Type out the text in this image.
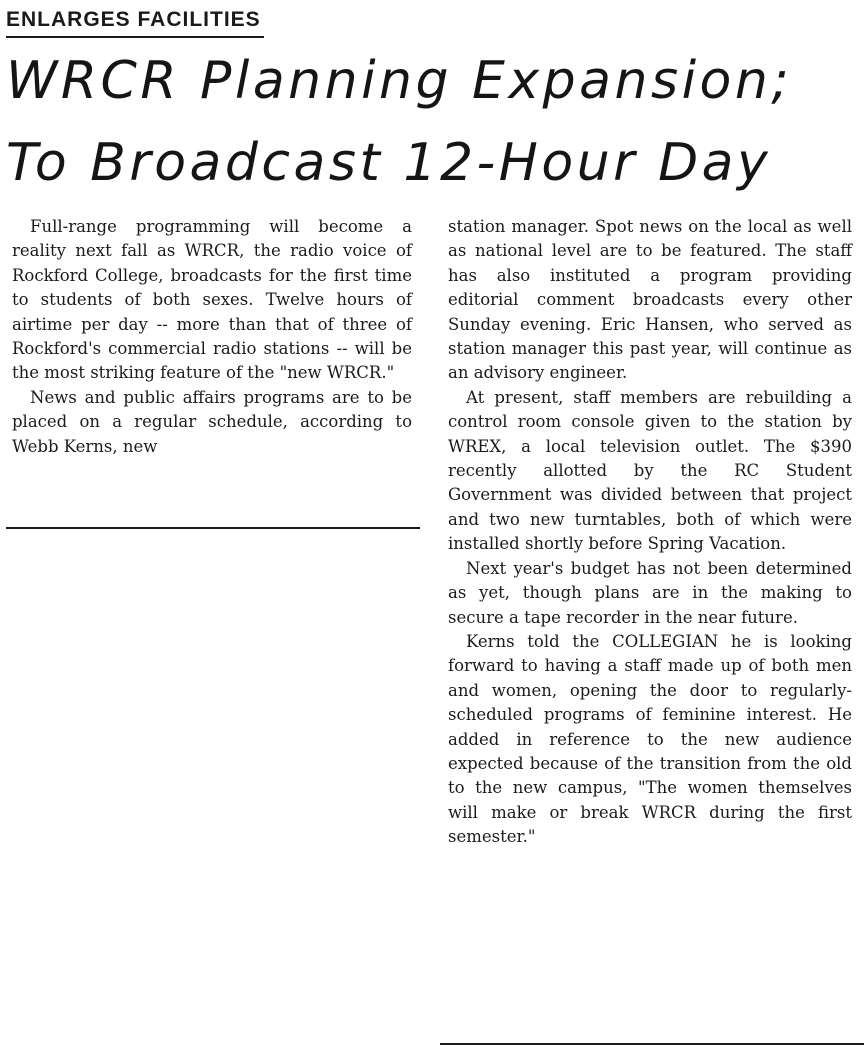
ENLARGES FACILITIES
WRCR Planning Expansion;
To Broadcast 12-Hour Day

Full-range programming will become a reality next fall as WRCR, the radio voice of Rockford College, broadcasts for the first time to students of both sexes. Twelve hours of airtime per day -- more than that of three of Rockford's commercial radio stations -- will be the most striking feature of the "new WRCR."

News and public affairs programs are to be placed on a regular schedule, according to Webb Kerns, new

station manager. Spot news on the local as well as national level are to be featured. The staff has also instituted a program providing editorial comment broadcasts every other Sunday evening. Eric Hansen, who served as station manager this past year, will continue as an advisory engineer.

At present, staff members are rebuilding a control room console given to the station by WREX, a local television outlet. The $390 recently allotted by the RC Student Government was divided between that project and two new turntables, both of which were installed shortly before Spring Vacation.

Next year's budget has not been determined as yet, though plans are in the making to secure a tape recorder in the near future.

Kerns told the COLLEGIAN he is looking forward to having a staff made up of both men and women, opening the door to regularly-scheduled programs of feminine interest. He added in reference to the new audience expected because of the transition from the old to the new campus, "The women themselves will make or break WRCR during the first semester."
